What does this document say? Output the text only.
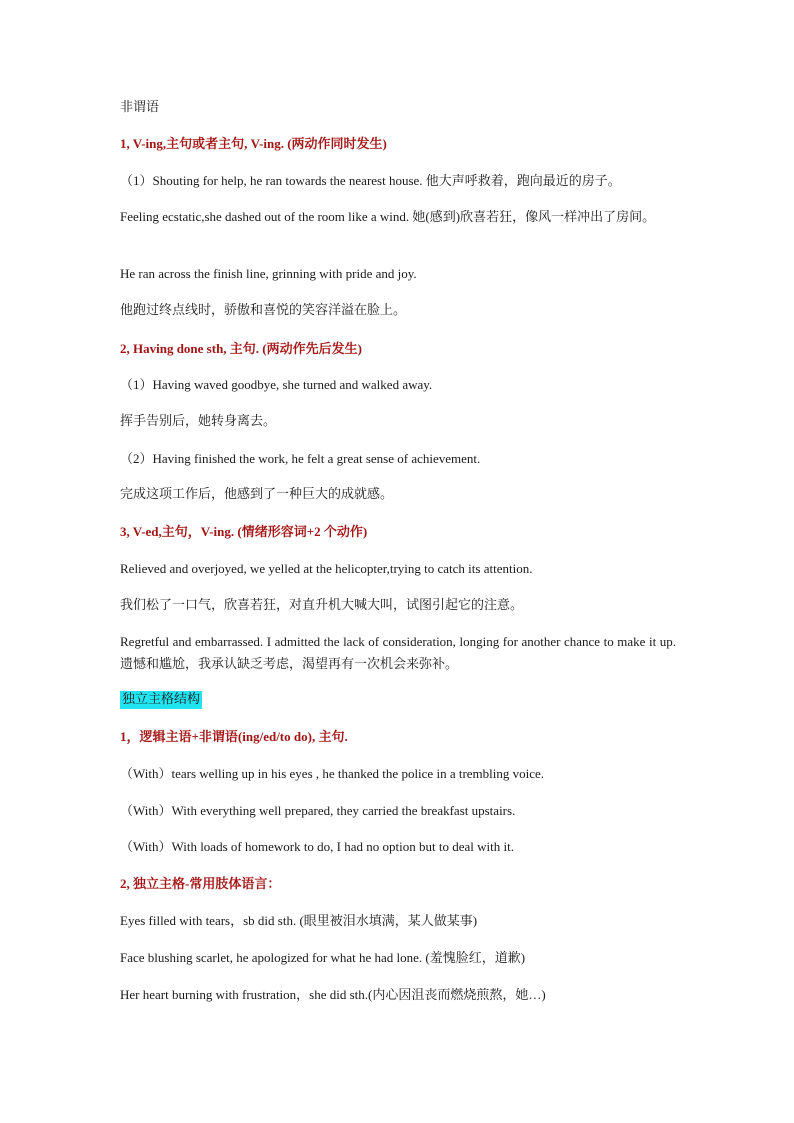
非谓语
1, V-ing,主句或者主句, V-ing. (两动作同时发生)
（1）Shouting for help, he ran towards the nearest house. 他大声呼救着，跑向最近的房子。
Feeling ecstatic,she dashed out of the room like a wind. 她(感到)欣喜若狂，像风一样冲出了房间。
He ran across the finish line, grinning with pride and joy.
他跑过终点线时，骄傲和喜悦的笑容洋溢在脸上。
2, Having done sth, 主句. (两动作先后发生)
（1）Having waved goodbye, she turned and walked away.
挥手告别后，她转身离去。
（2）Having finished the work, he felt a great sense of achievement.
完成这项工作后，他感到了一种巨大的成就感。
3, V-ed,主句，V-ing. (情绪形容词+2 个动作)
Relieved and overjoyed, we yelled at the helicopter,trying to catch its attention.
我们松了一口气，欣喜若狂，对直升机大喊大叫，试图引起它的注意。
Regretful and embarrassed. I admitted the lack of consideration, longing for another chance to make it up. 遗憾和尴尬，我承认缺乏考虑，渴望再有一次机会来弥补。
独立主格结构
1，逻辑主语+非谓语(ing/ed/to do), 主句.
（With）tears welling up in his eyes , he thanked the police in a trembling voice.
（With）With everything well prepared, they carried the breakfast upstairs.
（With）With loads of homework to do, I had no option but to deal with it.
2, 独立主格-常用肢体语言：
Eyes filled with tears，sb did sth. (眼里被泪水填满，某人做某事)
Face blushing scarlet, he apologized for what he had lone. (羞愧脸红，道歉)
Her heart burning with frustration，she did sth.(内心因沮丧而燃烧煎熬，她…)
